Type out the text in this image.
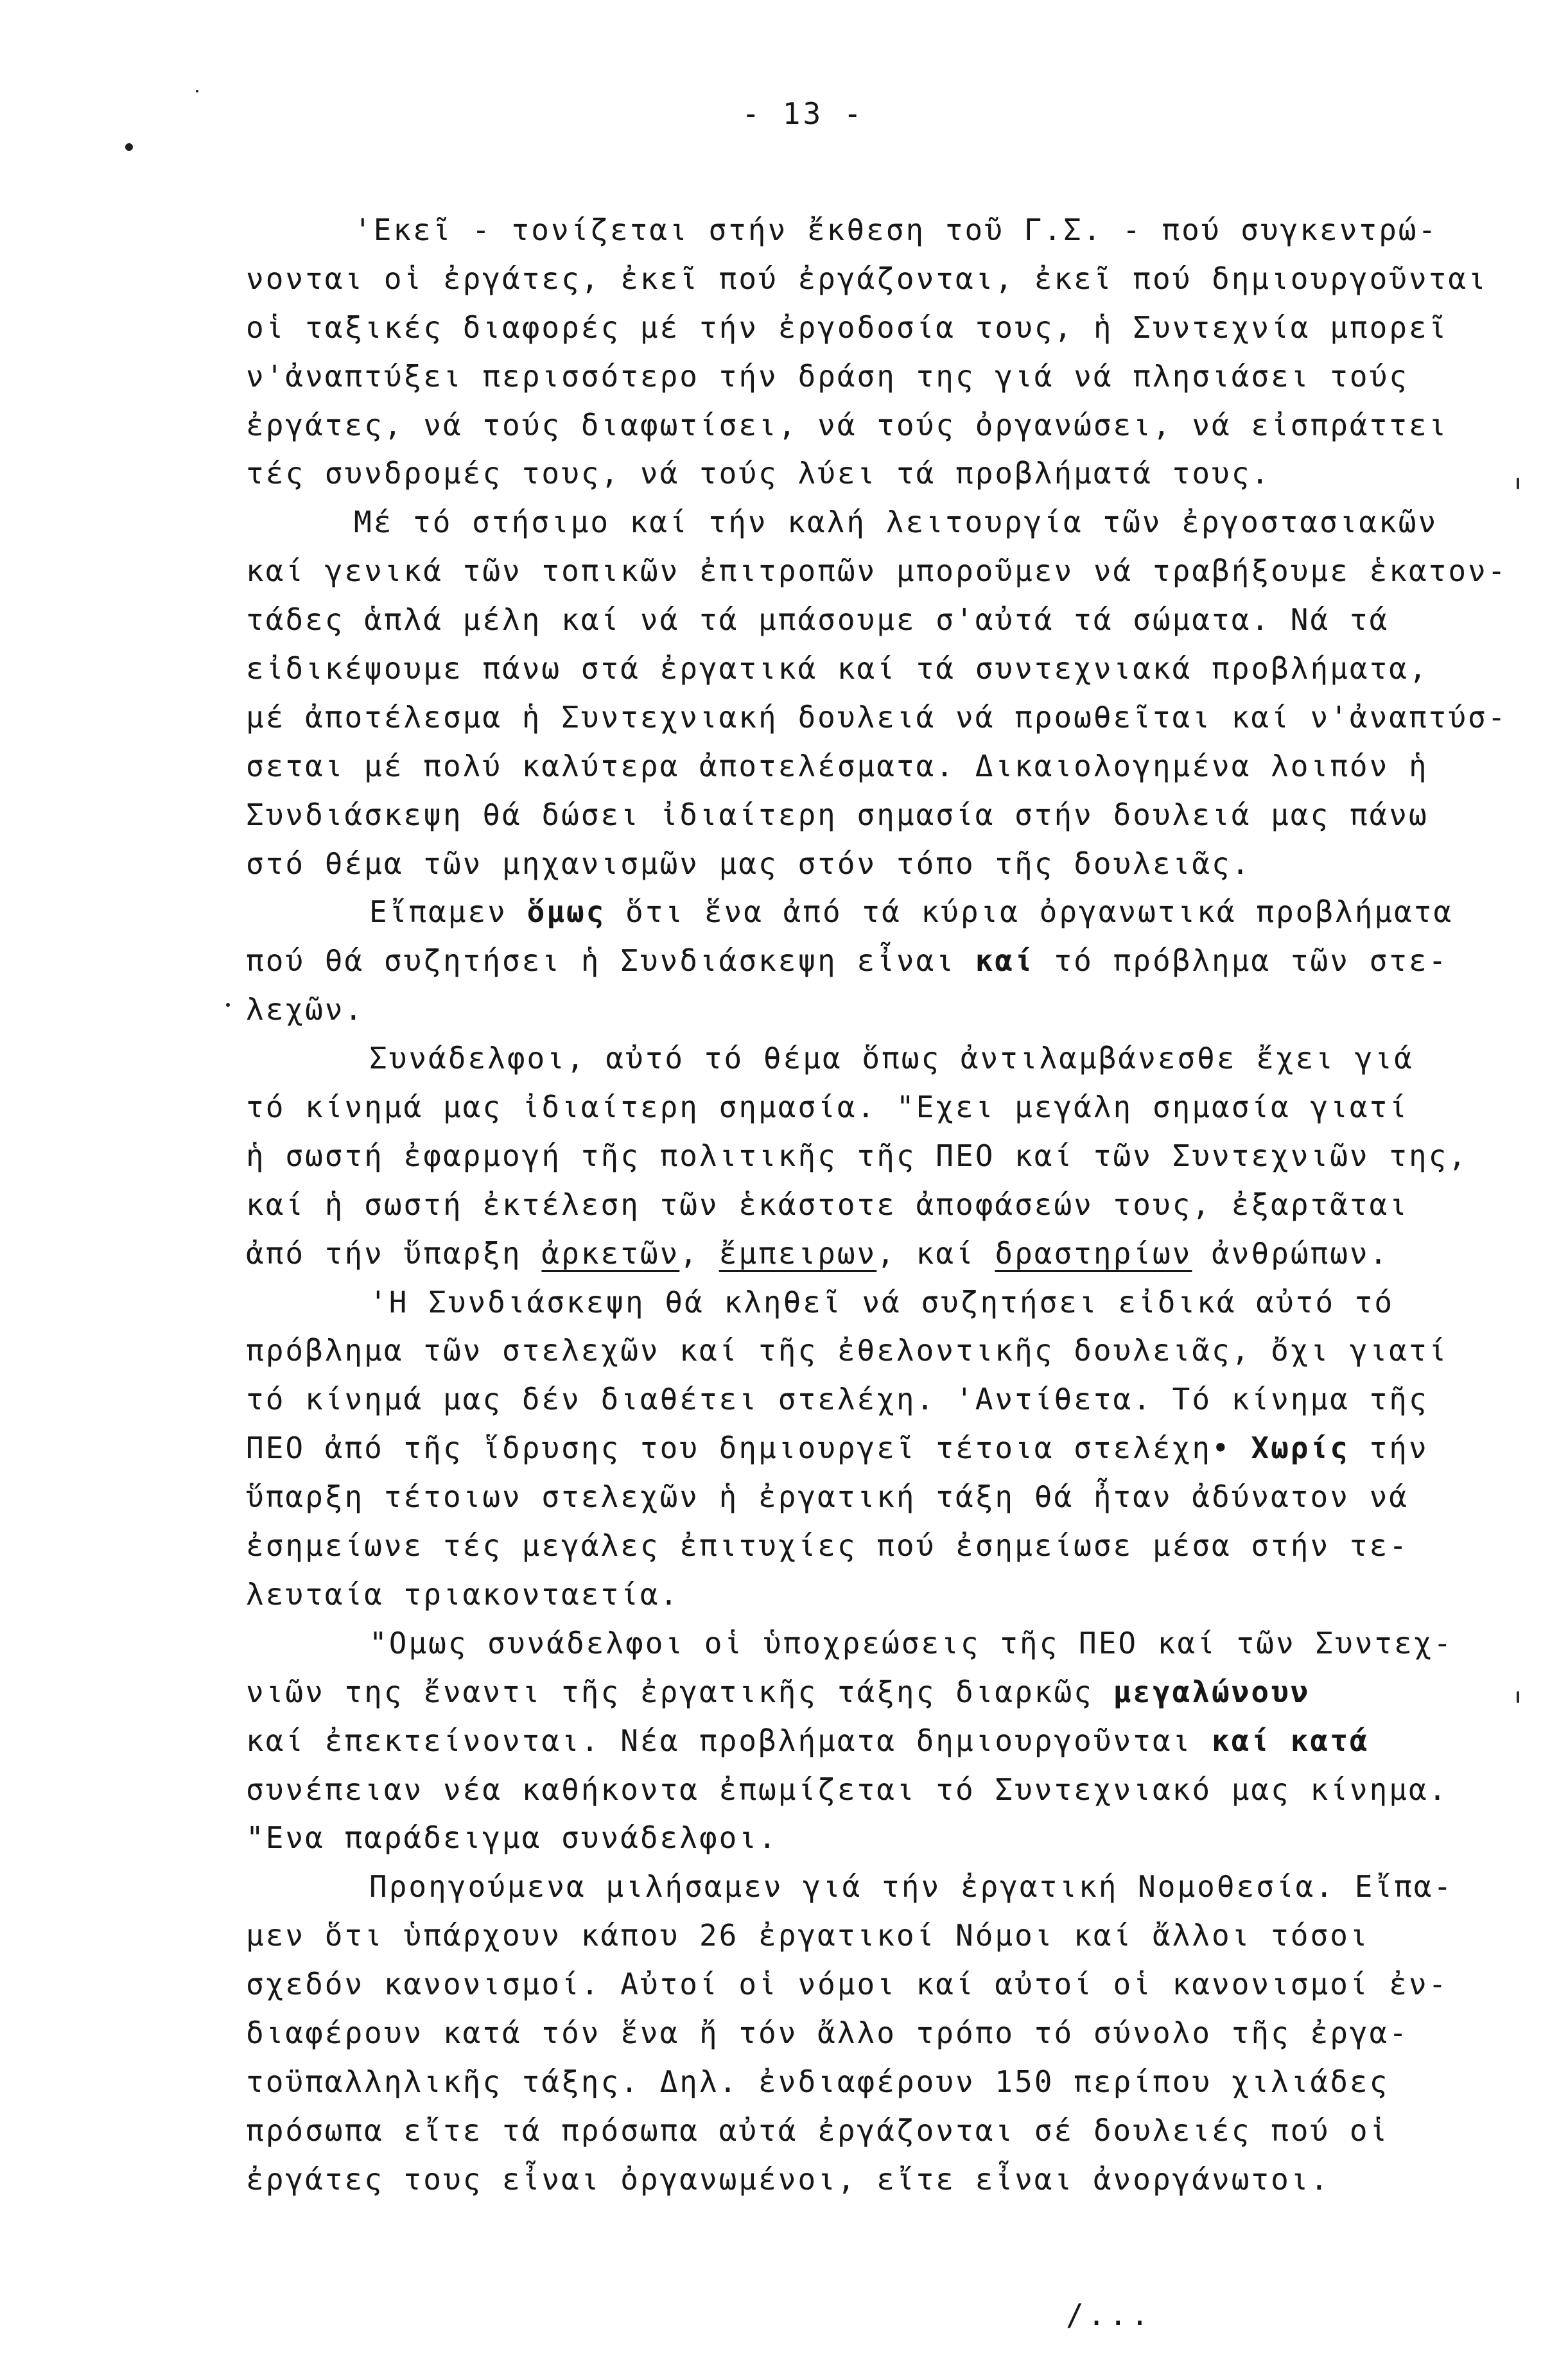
- 13 -
'Εκεῖ - τονίζεται στήν ἔκθεση τοῦ Γ.Σ. - πού συγκεντρώ-
νονται οἱ ἐργάτες, ἐκεῖ πού ἐργάζονται, ἐκεῖ πού δημιουργοῦνται
οἱ ταξικές διαφορές μέ τήν ἐργοδοσία τους, ἡ Συντεχνία μπορεῖ
ν'ἀναπτύξει περισσότερο τήν δράση της γιά νά πλησιάσει τούς
ἐργάτες, νά τούς διαφωτίσει, νά τούς ὀργανώσει, νά εἰσπράττει
τές συνδρομές τους, νά τούς λύει τά προβλήματά τους.
Μέ τό στήσιμο καί τήν καλή λειτουργία τῶν ἐργοστασιακῶν
καί γενικά τῶν τοπικῶν ἐπιτροπῶν μποροῦμεν νά τραβήξουμε ἑκατον-
τάδες ἁπλά μέλη καί νά τά μπάσουμε σ'αὐτά τά σώματα. Νά τά
εἰδικέψουμε πάνω στά ἐργατικά καί τά συντεχνιακά προβλήματα,
μέ ἀποτέλεσμα ἡ Συντεχνιακή δουλειά νά προωθεῖται καί ν'ἀναπτύσ-
σεται μέ πολύ καλύτερα ἀποτελέσματα. Δικαιολογημένα λοιπόν ἡ
Συνδιάσκεψη θά δώσει ἰδιαίτερη σημασία στήν δουλειά μας πάνω
στό θέμα τῶν μηχανισμῶν μας στόν τόπο τῆς δουλειᾶς.
Εἴπαμεν ὅμως ὅτι ἕνα ἀπό τά κύρια ὀργανωτικά προβλήματα
πού θά συζητήσει ἡ Συνδιάσκεψη εἶναι καί τό πρόβλημα τῶν στε-
λεχῶν.
Συνάδελφοι, αὐτό τό θέμα ὅπως ἀντιλαμβάνεσθε ἔχει γιά
τό κίνημά μας ἰδιαίτερη σημασία. "Εχει μεγάλη σημασία γιατί
ἡ σωστή ἐφαρμογή τῆς πολιτικῆς τῆς ΠΕΟ καί τῶν Συντεχνιῶν της,
καί ἡ σωστή ἐκτέλεση τῶν ἑκάστοτε ἀποφάσεών τους, ἐξαρτᾶται
ἀπό τήν ὕπαρξη ἀρκετῶν, ἔμπειρων, καί δραστηρίων ἀνθρώπων.
'Η Συνδιάσκεψη θά κληθεῖ νά συζητήσει εἰδικά αὐτό τό
πρόβλημα τῶν στελεχῶν καί τῆς ἐθελοντικῆς δουλειᾶς, ὄχι γιατί
τό κίνημά μας δέν διαθέτει στελέχη. 'Αντίθετα. Τό κίνημα τῆς
ΠΕΟ ἀπό τῆς ἵδρυσης του δημιουργεῖ τέτοια στελέχη• Χωρίς τήν
ὕπαρξη τέτοιων στελεχῶν ἡ ἐργατική τάξη θά ἦταν ἀδύνατον νά
ἐσημείωνε τές μεγάλες ἐπιτυχίες πού ἐσημείωσε μέσα στήν τε-
λευταία τριακονταετία.
"Ομως συνάδελφοι οἱ ὑποχρεώσεις τῆς ΠΕΟ καί τῶν Συντεχ-
νιῶν της ἔναντι τῆς ἐργατικῆς τάξης διαρκῶς μεγαλώνουν
καί ἐπεκτείνονται. Νέα προβλήματα δημιουργοῦνται καί κατά
συνέπειαν νέα καθήκοντα ἐπωμίζεται τό Συντεχνιακό μας κίνημα.
"Ενα παράδειγμα συνάδελφοι.
Προηγούμενα μιλήσαμεν γιά τήν ἐργατική Νομοθεσία. Εἴπα-
μεν ὅτι ὑπάρχουν κάπου 26 ἐργατικοί Νόμοι καί ἄλλοι τόσοι
σχεδόν κανονισμοί. Αὐτοί οἱ νόμοι καί αὐτοί οἱ κανονισμοί ἐν-
διαφέρουν κατά τόν ἕνα ἤ τόν ἄλλο τρόπο τό σύνολο τῆς ἐργα-
τοϋπαλληλικῆς τάξης. Δηλ. ἐνδιαφέρουν 150 περίπου χιλιάδες
πρόσωπα εἴτε τά πρόσωπα αὐτά ἐργάζονται σέ δουλειές πού οἱ
ἐργάτες τους εἶναι ὀργανωμένοι, εἴτε εἶναι ἀνοργάνωτοι.
/...
